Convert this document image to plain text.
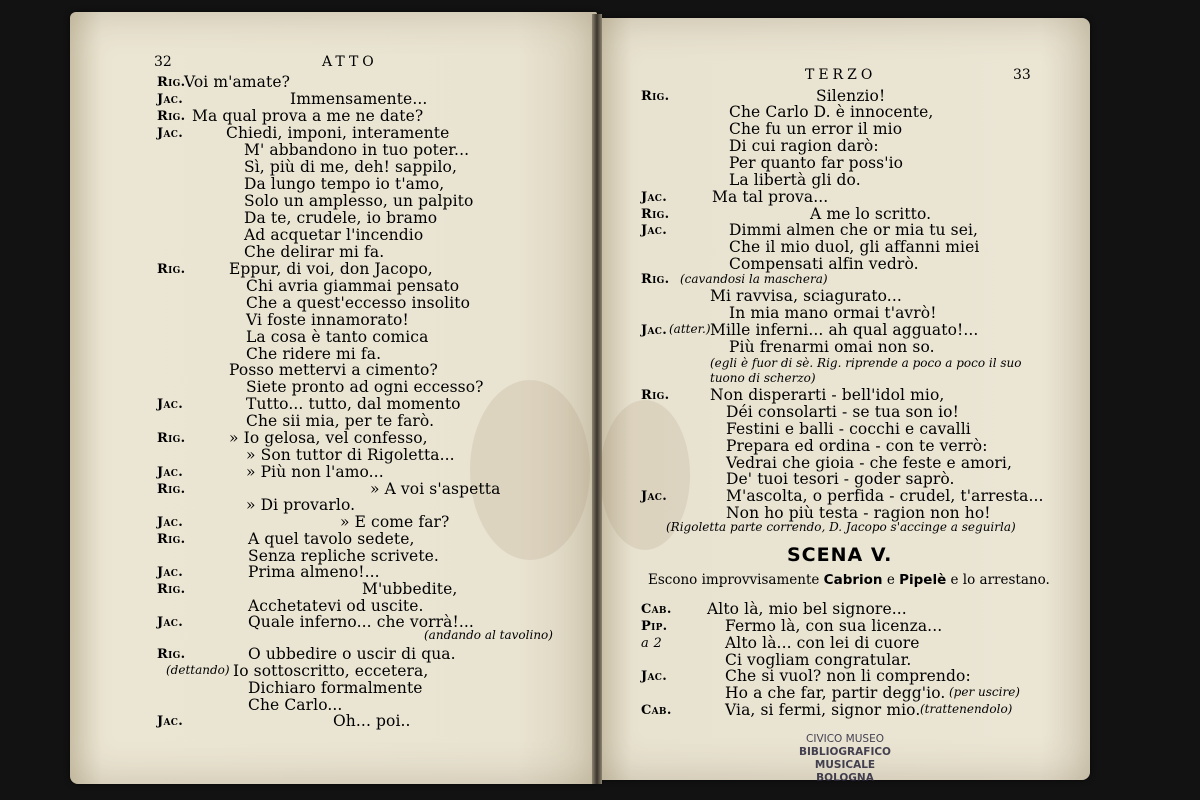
32	ATTO
TERZO	33
Voi m'amate?
Immensamente...
Ma qual prova a me ne date?
Chiedi, imponi, interamente
M' abbandono in tuo poter...
Sì, più di me, deh! sappilo,
Da lungo tempo io t'amo,
Solo un amplesso, un palpito
Da te, crudele, io bramo
Ad acquetar l'incendio
Che delirar mi fa.
Eppur, di voi, don Jacopo,
Chi avria giammai pensato
Che a quest'eccesso insolito
Vi foste innamorato!
La cosa è tanto comica
Che ridere mi fa.
Posso mettervi a cimento?
Siete pronto ad ogni eccesso?
Tutto... tutto, dal momento
Che sii mia, per te farò.
» Io gelosa, vel confesso,
» Son tuttor di Rigoletta...
» Più non l'amo...
» A voi s'aspetta
» Di provarlo.
» E come far?
A quel tavolo sedete,
Senza repliche scrivete.
Prima almeno!...
M'ubbedite,
Acchetatevi od uscite.
Quale inferno... che vorrà!...
O ubbedire o uscir di qua.
Io sottoscritto, eccetera,
Dichiaro formalmente
Che Carlo...
Oh... poi..
Rig.
Jac.
Rig.
Jac.
Rig.
Jac.
Rig.
Jac.
Rig.
Jac.
Rig.
Jac.
Rig.
Jac.
Rig.
Jac.
(andando al tavolino)
(dettando)
Silenzio!
Che Carlo D. è innocente,
Che fu un error il mio
Di cui ragion darò:
Per quanto far poss'io
La libertà gli do.
Ma tal prova...
A me lo scritto.
Dimmi almen che or mia tu sei,
Che il mio duol, gli affanni miei
Compensati alfin vedrò.
Mi ravvisa, sciagurato...
In mia mano ormai t'avrò!
Mille inferni... ah qual agguato!...
Più frenarmi omai non so.
Non disperarti - bell'idol mio,
Déi consolarti - se tua son io!
Festini e balli - cocchi e cavalli
Prepara ed ordina - con te verrò:
Vedrai che gioia - che feste e amori,
De' tuoi tesori - goder saprò.
M'ascolta, o perfida - crudel, t'arresta...
Non ho più testa - ragion non ho!
Alto là, mio bel signore...
Fermo là, con sua licenza...
Alto là... con lei di cuore
Ci vogliam congratular.
Che si vuol? non li comprendo:
Ho a che far, partir degg'io.
Via, si fermi, signor mio.
Rig.
Jac.
Rig.
Jac.
Rig.
Jac.
Rig.
Jac.
Cab.
Pip.
a 2
Jac.
Cab.
(cavandosi la maschera)
(atter.)
(egli è fuor di sè. Rig. riprende a poco a poco il suo
tuono di scherzo)
(Rigoletta parte correndo, D. Jacopo s'accinge a seguirla)
(per uscire)
(trattenendolo)
SCENA V.
Escono improvvisamente Cabrion e Pipelè e lo arrestano.
CIVICO MUSEO
BIBLIOGRAFICO MUSICALE
BOLOGNA
